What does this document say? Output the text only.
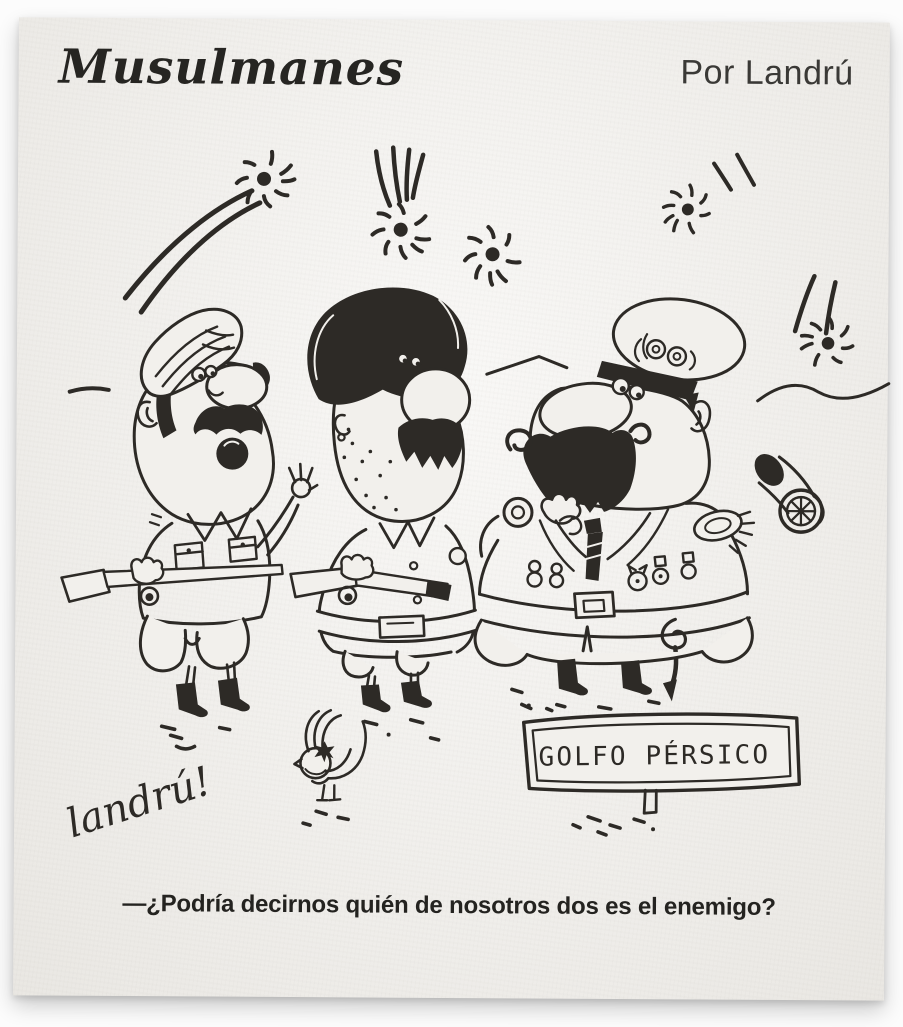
Musulmanes	Por Landrú
GOLFO PÉRSICO
landrú!
—¿Podría decirnos quién de nosotros dos es el enemigo?
